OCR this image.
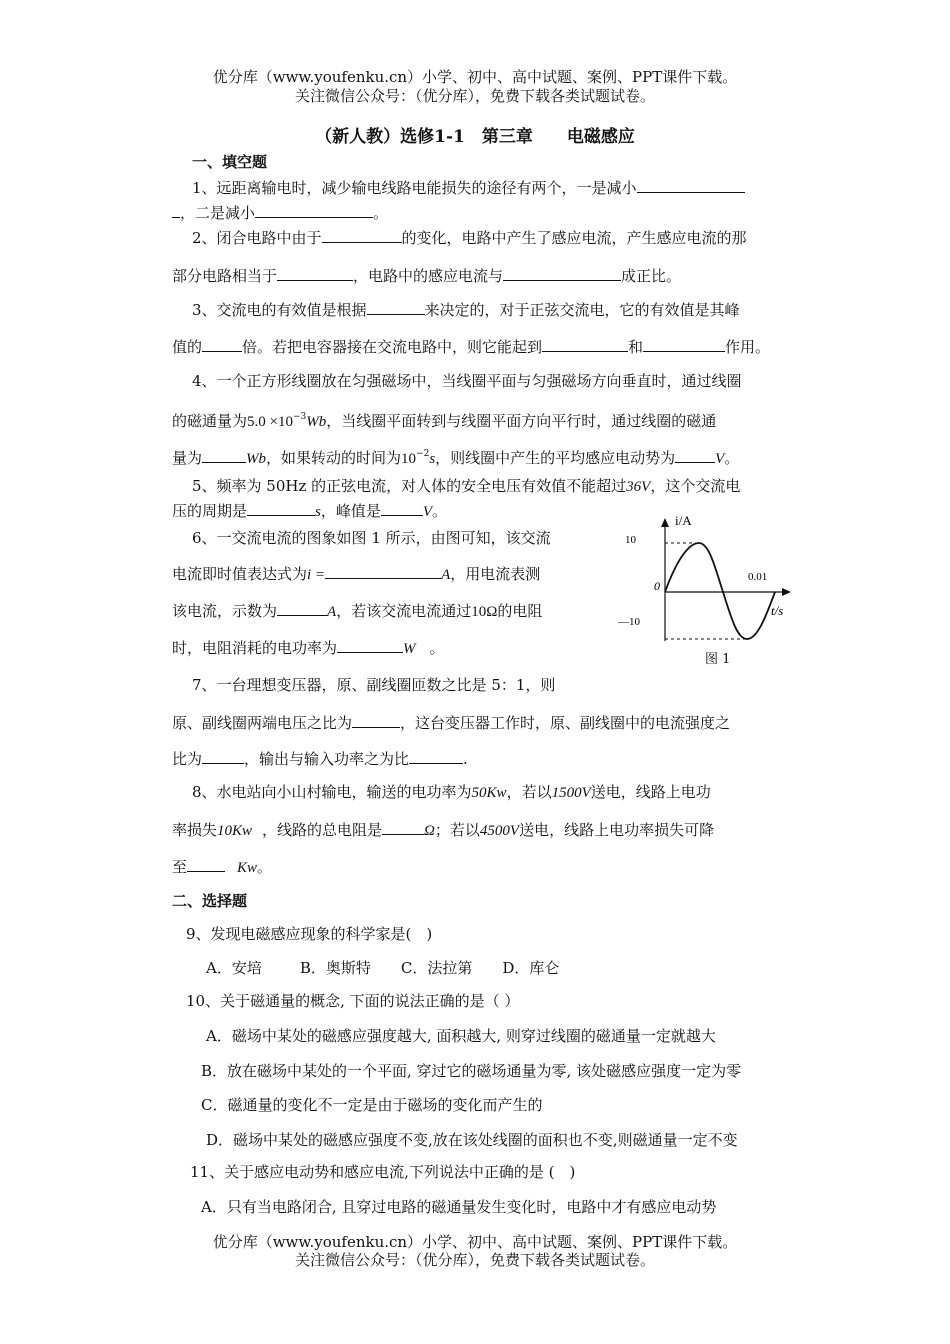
优分库（www.youfenku.cn）小学、初中、高中试题、案例、PPT课件下载。
关注微信公众号：（优分库），免费下载各类试题试卷。
（新人教）选修1-1　第三章　　电磁感应
一、填空题
1、远距离输电时，减少输电线路电能损失的途径有两个，一是减小
，二是减小	。
2、闭合电路中由于	的变化，电路中产生了感应电流，产生感应电流的那
部分电路相当于	，电路中的感应电流与	成正比。
3、交流电的有效值是根据	来决定的，对于正弦交流电，它的有效值是其峰
值的	倍。若把电容器接在交流电路中，则它能起到	和	作用。
4、一个正方形线圈放在匀强磁场中，当线圈平面与匀强磁场方向垂直时，通过线圈
的磁通量为$5.0 \times 10^{-3}Wb$，当线圈平面转到与线圈平面方向平行时，通过线圈的磁通
量为	Wb，如果转动的时间为$10^{-2}s$，则线圈中产生的平均感应电动势为	V。
5、频率为 50Hz 的正弦电流，对人体的安全电压有效值不能超过36V，这个交流电
压的周期是	s，峰值是	V。
6、一交流电流的图象如图 1 所示，由图可知，该交流
电流即时值表达式为i =	A，用电流表测
该电流，示数为	A，若该交流电流通过10Ω的电阻
时，电阻消耗的电功率为	W 。
i/A
10
0
0.01
—10
t/s
图 1
7、一台理想变压器，原、副线圈匝数之比是 5：1，则
原、副线圈两端电压之比为	，这台变压器工作时，原、副线圈中的电流强度之
比为	，输出与输入功率之为比	.
8、水电站向小山村输电，输送的电功率为50Kw，若以1500V送电，线路上电功
率损失10Kw ，线路的总电阻是	Ω；若以4500V送电，线路上电功率损失可降
至	Kw。
二、选择题
9、发现电磁感应现象的科学家是(　)
A．安培	B．奥斯特 C．法拉第 D．库仑
10、关于磁通量的概念, 下面的说法正确的是（ ）
A．磁场中某处的磁感应强度越大, 面积越大, 则穿过线圈的磁通量一定就越大
B．放在磁场中某处的一个平面, 穿过它的磁场通量为零, 该处磁感应强度一定为零
C．磁通量的变化不一定是由于磁场的变化而产生的
D．磁场中某处的磁感应强度不变,放在该处线圈的面积也不变,则磁通量一定不变
11、关于感应电动势和感应电流,下列说法中正确的是 (　)
A．只有当电路闭合, 且穿过电路的磁通量发生变化时，电路中才有感应电动势
优分库（www.youfenku.cn）小学、初中、高中试题、案例、PPT课件下载。
关注微信公众号：（优分库），免费下载各类试题试卷。
